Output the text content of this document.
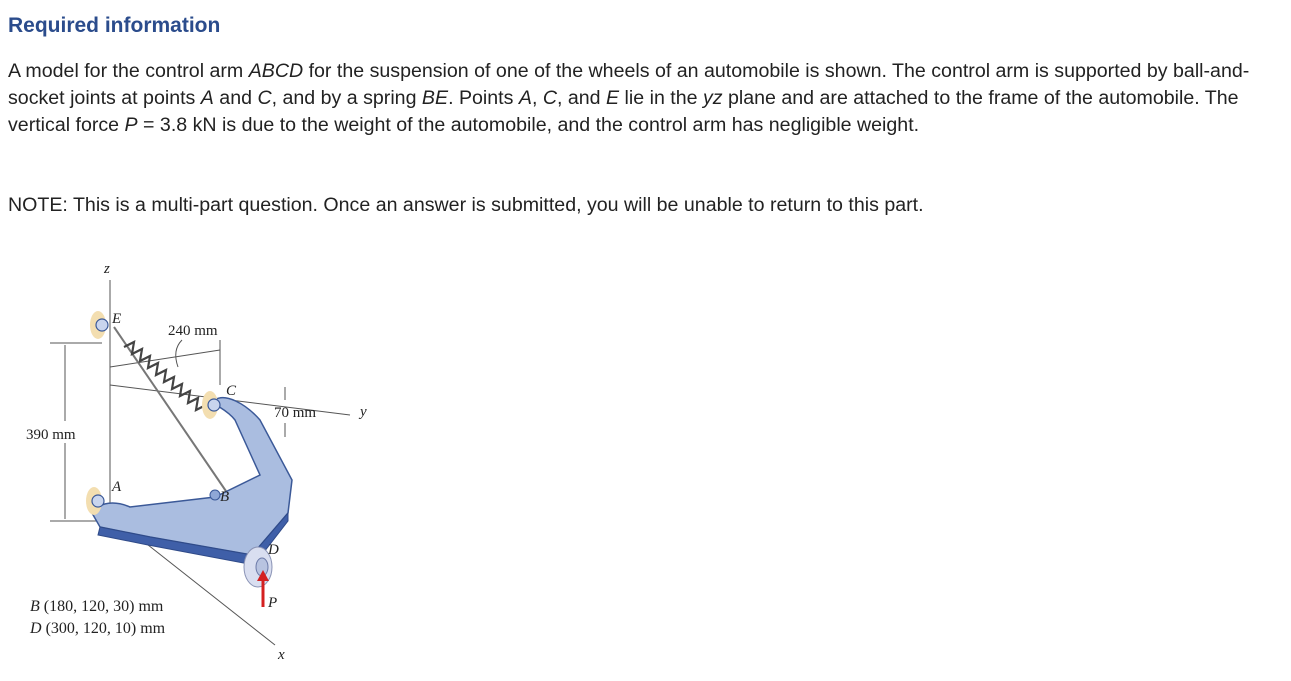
Required information

A model for the control arm ABCD for the suspension of one of the wheels of an automobile is shown. The control arm is supported by ball-and-socket joints at points A and C, and by a spring BE. Points A, C, and E lie in the yz plane and are attached to the frame of the automobile. The vertical force P = 3.8 kN is due to the weight of the automobile, and the control arm has negligible weight.

NOTE: This is a multi-part question. Once an answer is submitted, you will be unable to return to this part.

z
y
x
390 mm
240 mm
70 mm
E
C
A
B
D
P
B (180, 120, 30) mm
D (300, 120, 10) mm
